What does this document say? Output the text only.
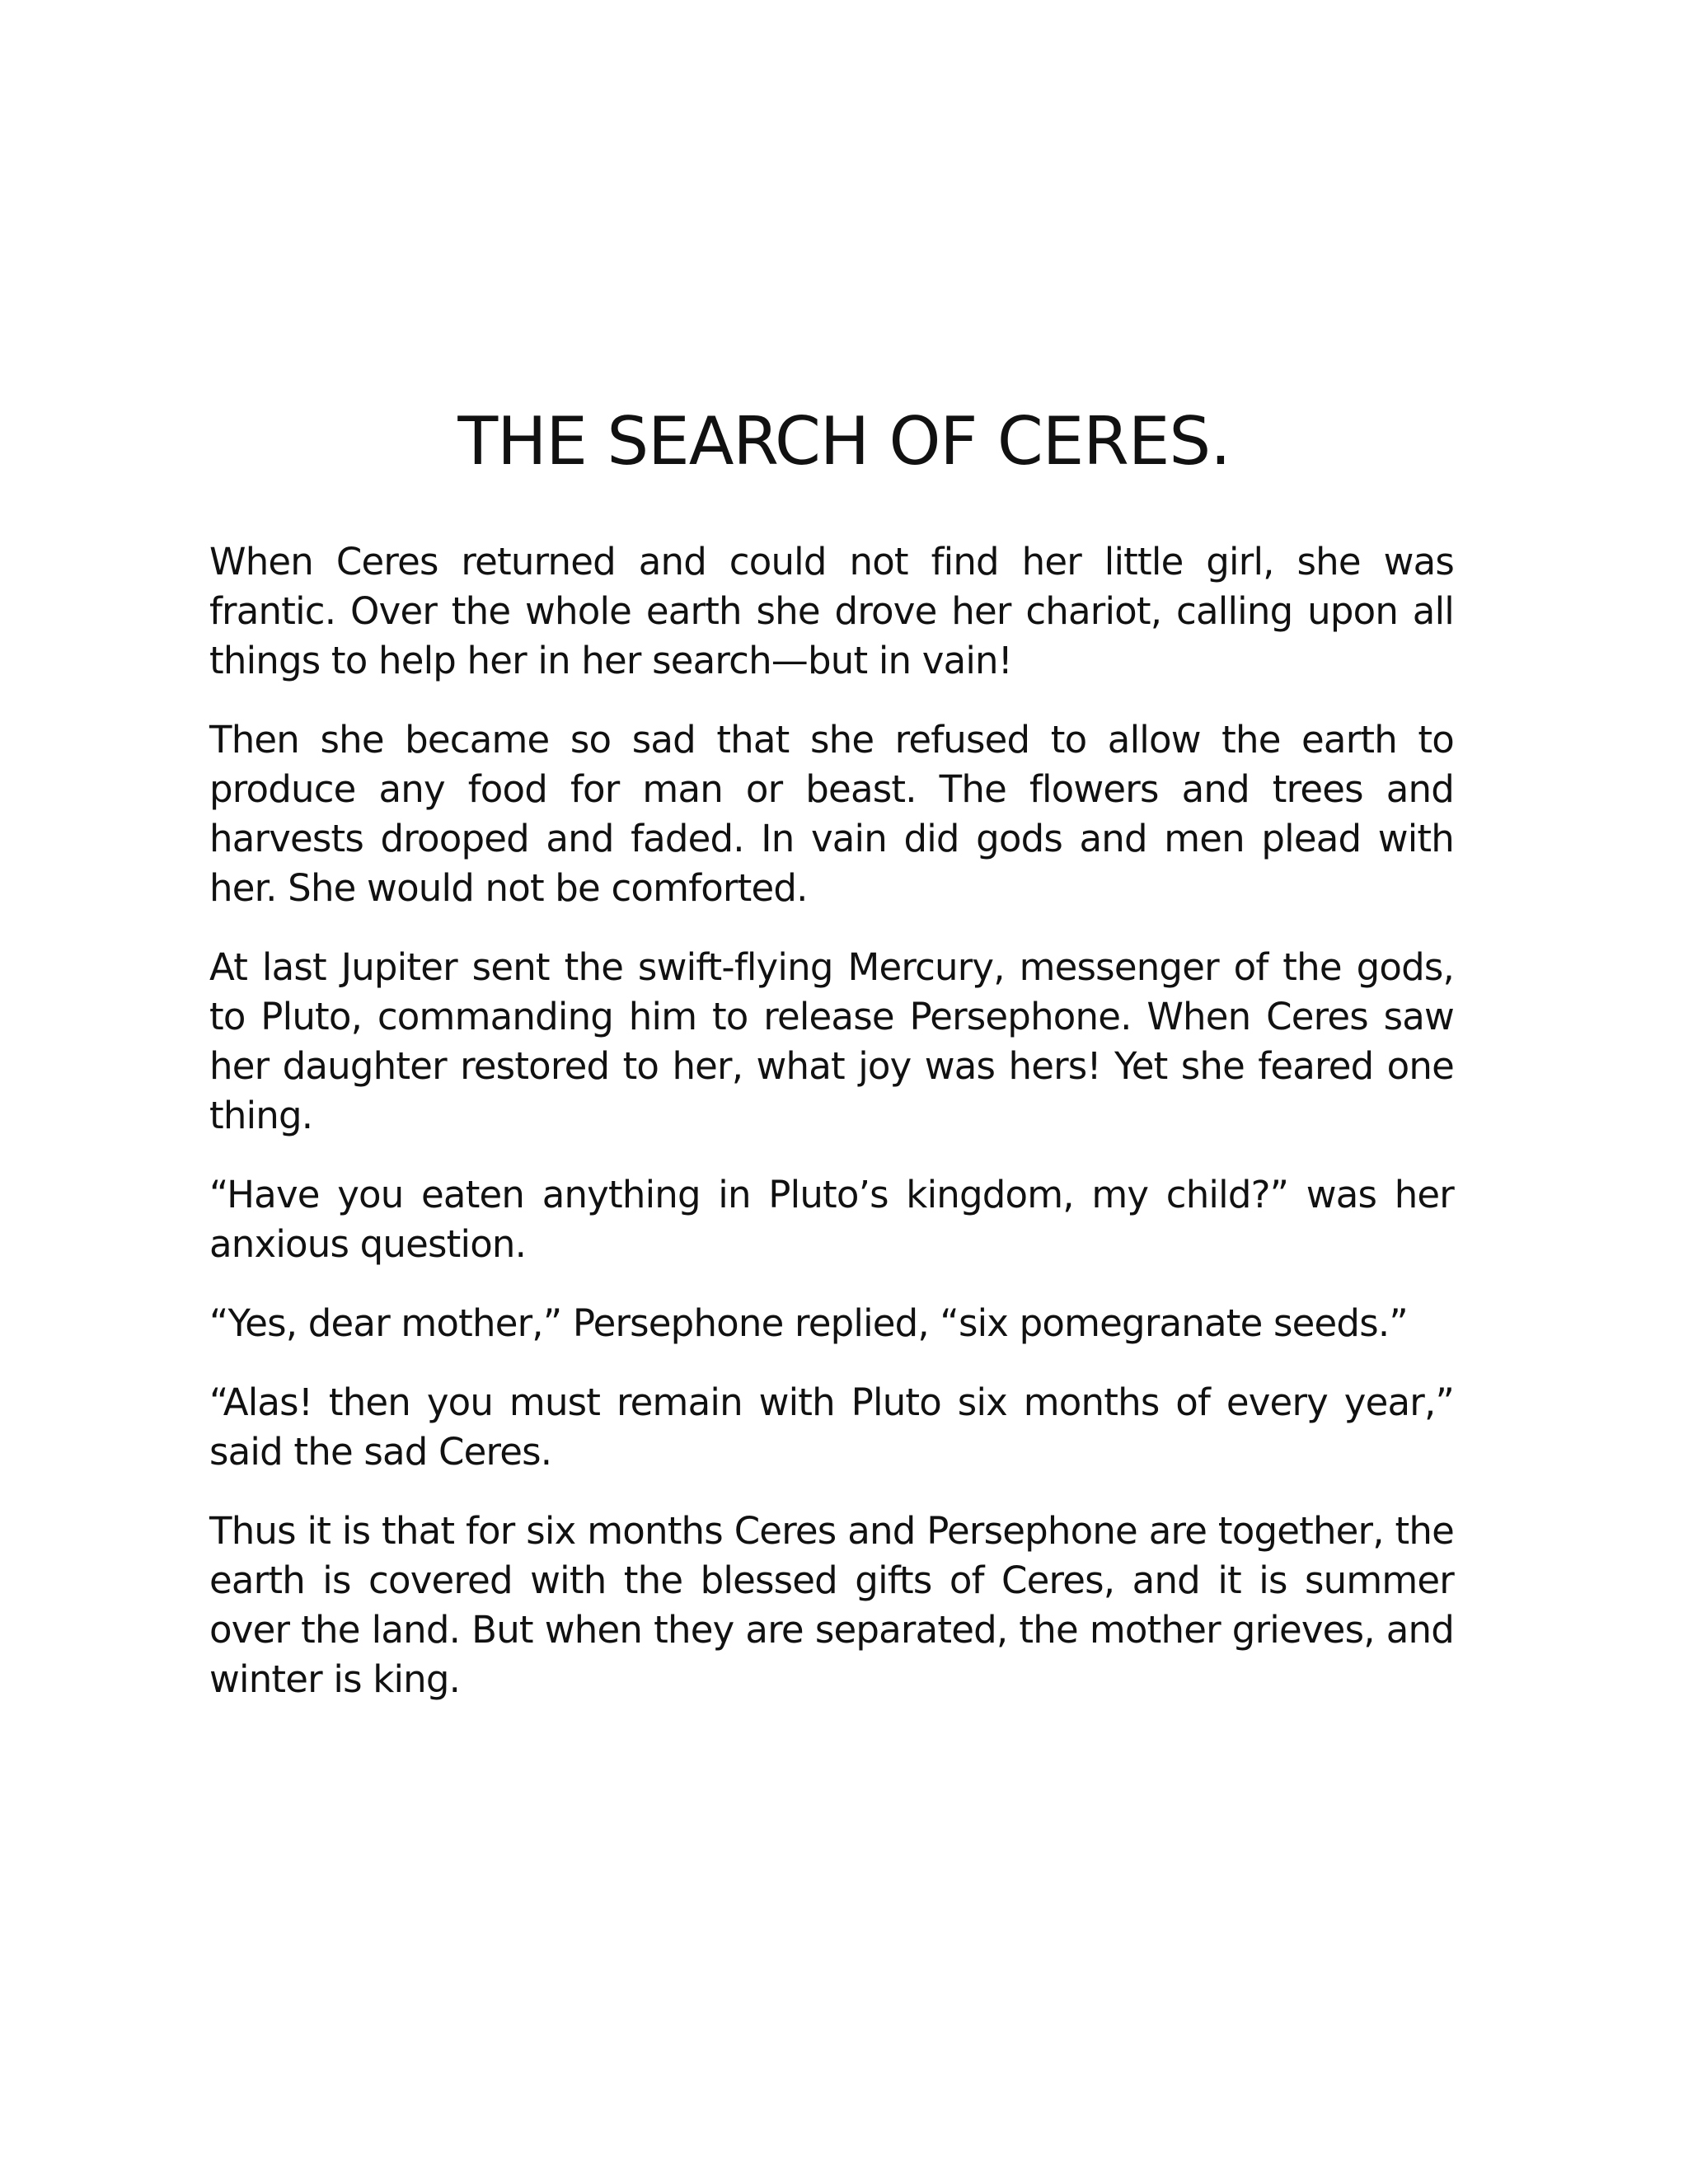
THE SEARCH OF CERES.

When Ceres returned and could not find her little girl, she was frantic. Over the whole earth she drove her chariot, calling upon all things to help her in her search—but in vain!

Then she became so sad that she refused to allow the earth to produce any food for man or beast. The flowers and trees and harvests drooped and faded. In vain did gods and men plead with her. She would not be comforted.

At last Jupiter sent the swift-flying Mercury, messenger of the gods, to Pluto, commanding him to release Persephone. When Ceres saw her daughter restored to her, what joy was hers! Yet she feared one thing.

“Have you eaten anything in Pluto’s kingdom, my child?” was her anxious question.

“Yes, dear mother,” Persephone replied, “six pomegranate seeds.”

“Alas! then you must remain with Pluto six months of every year,” said the sad Ceres.

Thus it is that for six months Ceres and Persephone are together, the earth is covered with the blessed gifts of Ceres, and it is summer over the land. But when they are separated, the mother grieves, and winter is king.
